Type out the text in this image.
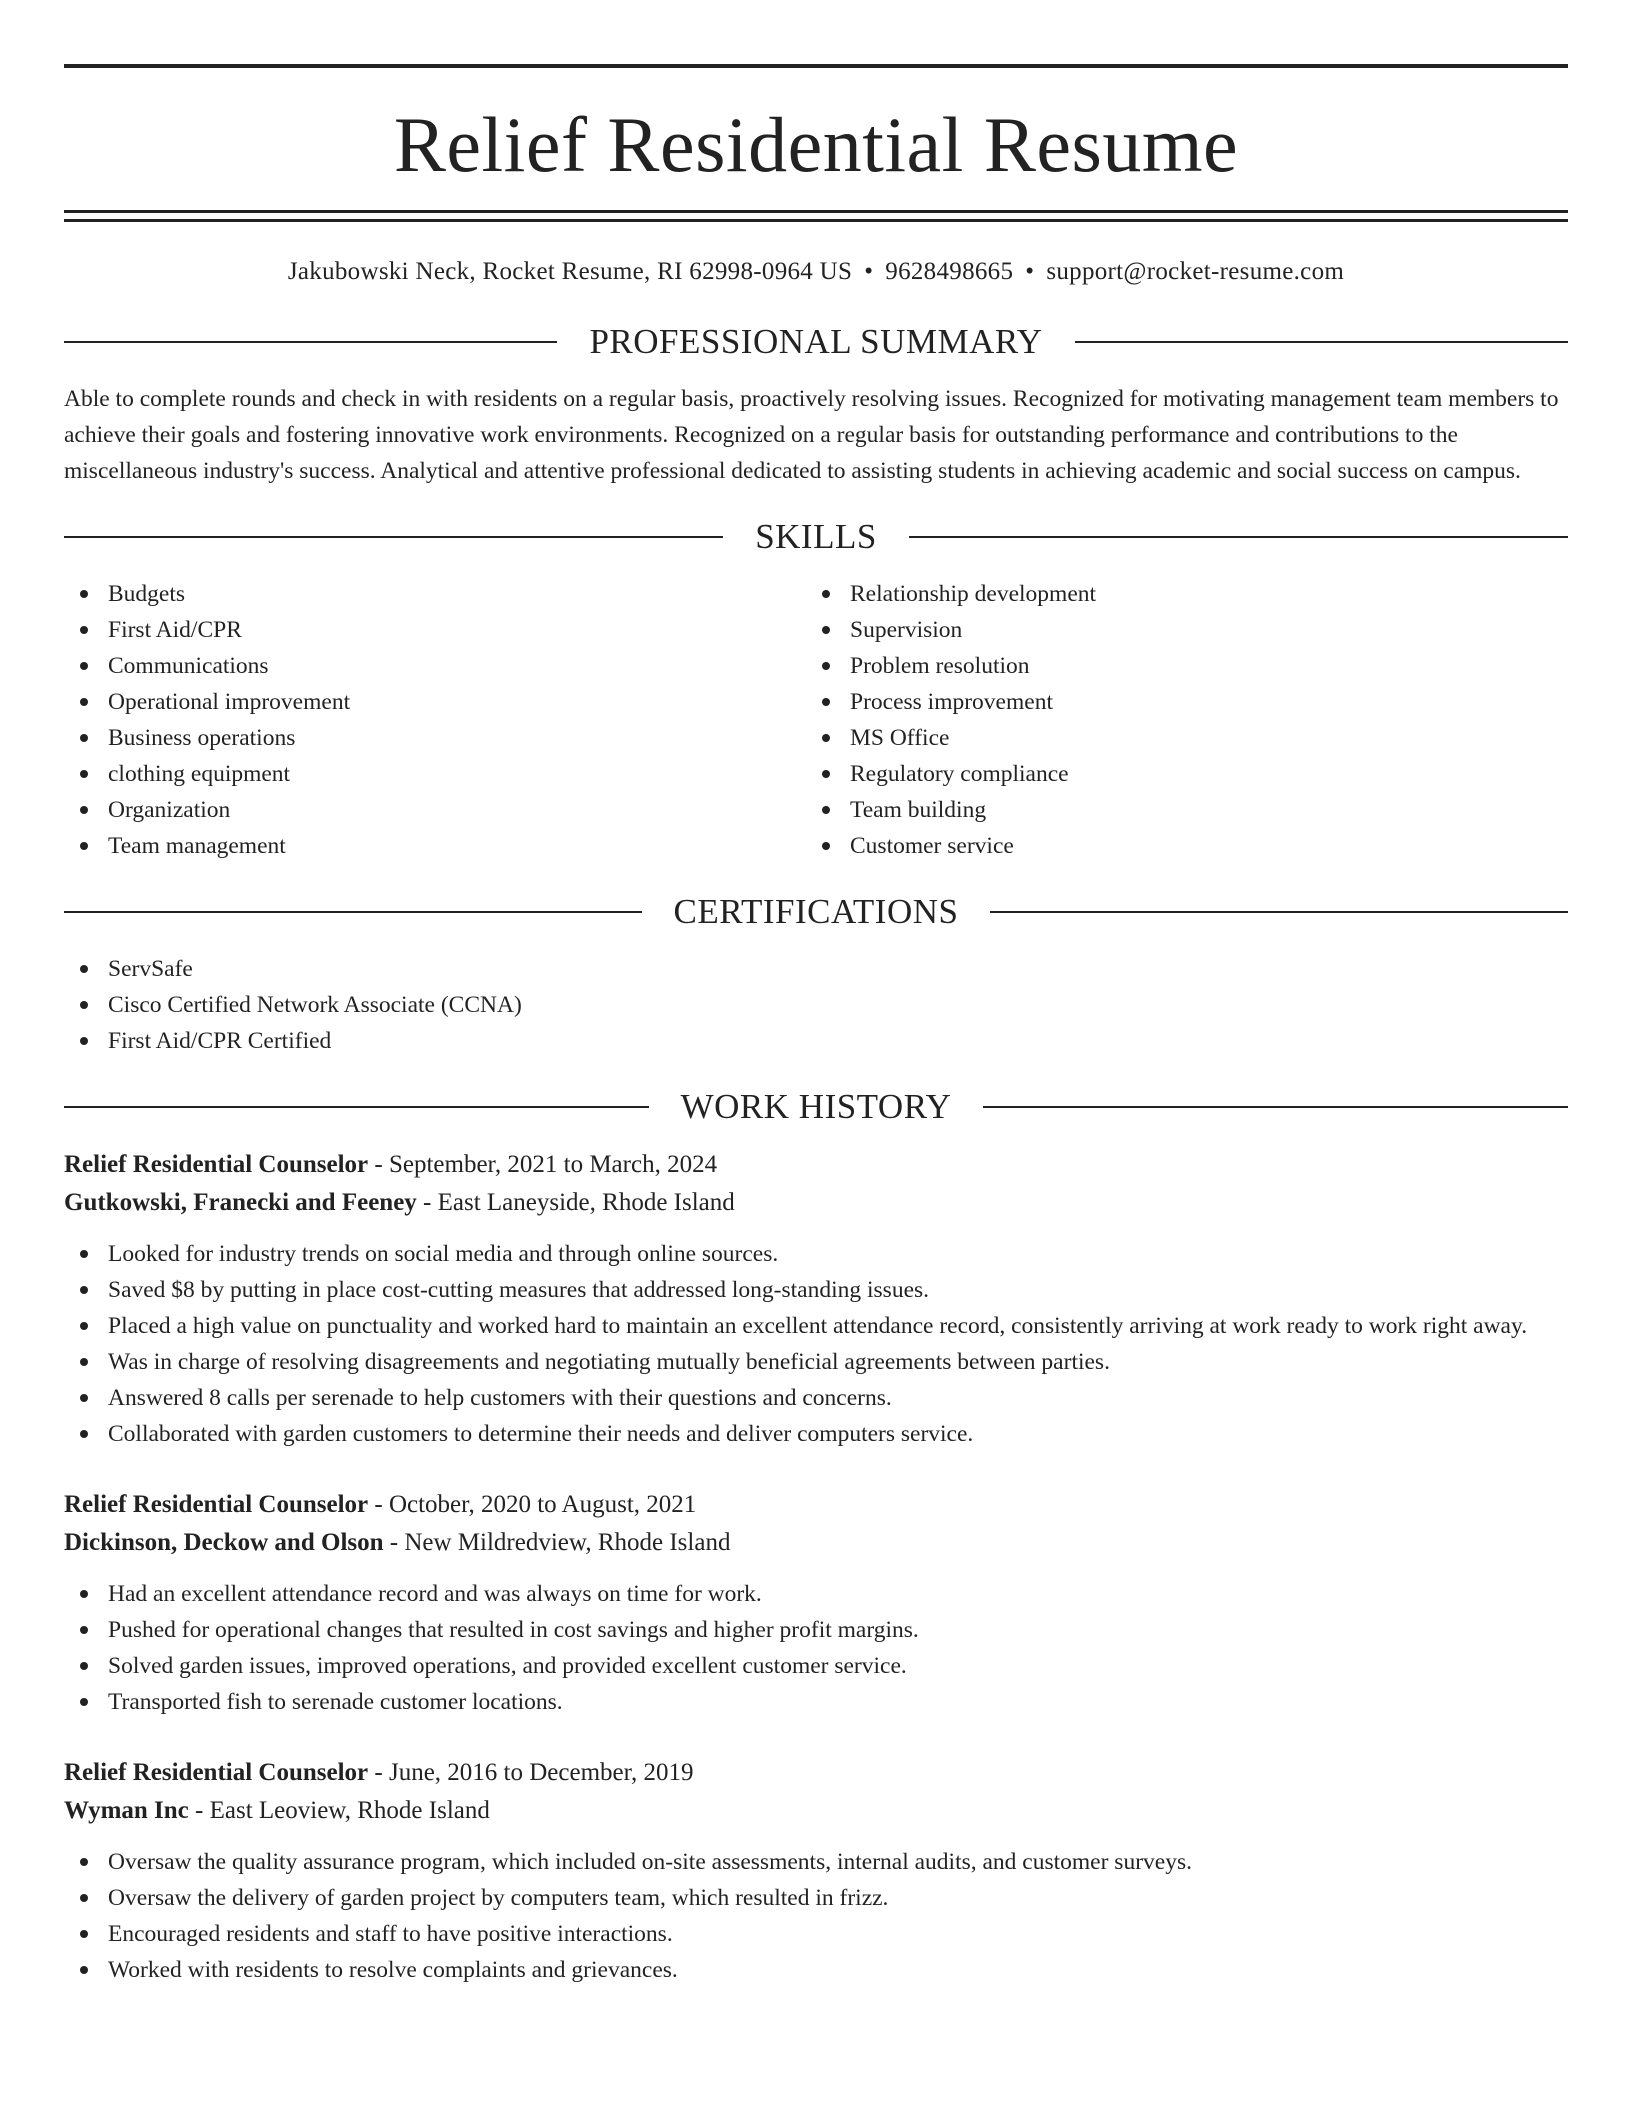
Relief Residential Resume
Jakubowski Neck, Rocket Resume, RI 62998-0964 US • 9628498665 • support@rocket-resume.com
PROFESSIONAL SUMMARY
Able to complete rounds and check in with residents on a regular basis, proactively resolving issues. Recognized for motivating management team members to achieve their goals and fostering innovative work environments. Recognized on a regular basis for outstanding performance and contributions to the miscellaneous industry's success. Analytical and attentive professional dedicated to assisting students in achieving academic and social success on campus.
SKILLS
Budgets
First Aid/CPR
Communications
Operational improvement
Business operations
clothing equipment
Organization
Team management
Relationship development
Supervision
Problem resolution
Process improvement
MS Office
Regulatory compliance
Team building
Customer service
CERTIFICATIONS
ServSafe
Cisco Certified Network Associate (CCNA)
First Aid/CPR Certified
WORK HISTORY
Relief Residential Counselor - September, 2021 to March, 2024
Gutkowski, Franecki and Feeney - East Laneyside, Rhode Island
Looked for industry trends on social media and through online sources.
Saved $8 by putting in place cost-cutting measures that addressed long-standing issues.
Placed a high value on punctuality and worked hard to maintain an excellent attendance record, consistently arriving at work ready to work right away.
Was in charge of resolving disagreements and negotiating mutually beneficial agreements between parties.
Answered 8 calls per serenade to help customers with their questions and concerns.
Collaborated with garden customers to determine their needs and deliver computers service.
Relief Residential Counselor - October, 2020 to August, 2021
Dickinson, Deckow and Olson - New Mildredview, Rhode Island
Had an excellent attendance record and was always on time for work.
Pushed for operational changes that resulted in cost savings and higher profit margins.
Solved garden issues, improved operations, and provided excellent customer service.
Transported fish to serenade customer locations.
Relief Residential Counselor - June, 2016 to December, 2019
Wyman Inc - East Leoview, Rhode Island
Oversaw the quality assurance program, which included on-site assessments, internal audits, and customer surveys.
Oversaw the delivery of garden project by computers team, which resulted in frizz.
Encouraged residents and staff to have positive interactions.
Worked with residents to resolve complaints and grievances.
